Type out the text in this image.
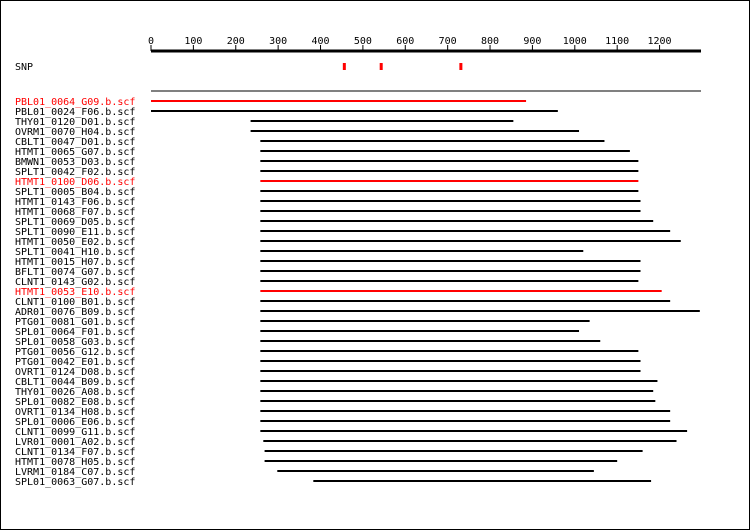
0	100 200 300 400 500 600 700 800 900 1000 1100 1200
SNP
PBL01_0064_G09.b.scf
PBL01_0024_F06.b.scf
THY01_0120_D01.b.scf
OVRM1_0070_H04.b.scf
CBLT1_0047_D01.b.scf
HTMT1_0065_G07.b.scf
BMWN1_0053_D03.b.scf
SPLT1_0042_F02.b.scf
HTMT1_0100_D06.b.scf
SPLT1_0005_B04.b.scf
HTMT1_0143_F06.b.scf
HTMT1_0068_F07.b.scf
SPLT1_0069_D05.b.scf
SPLT1_0090_E11.b.scf
HTMT1_0050_E02.b.scf
SPLT1_0041_H10.b.scf
HTMT1_0015_H07.b.scf
BFLT1_0074_G07.b.scf
CLNT1_0143_G02.b.scf
HTMT1_0053_E10.b.scf
CLNT1_0100_B01.b.scf
ADR01_0076_B09.b.scf
PTG01_0081_G01.b.scf
SPL01_0064_F01.b.scf
SPL01_0058_G03.b.scf
PTG01_0056_G12.b.scf
PTG01_0042_E01.b.scf
OVRT1_0124_D08.b.scf
CBLT1_0044_B09.b.scf
THY01_0026_A08.b.scf
SPL01_0082_E08.b.scf
OVRT1_0134_H08.b.scf
SPL01_0006_E06.b.scf
CLNT1_0099_G11.b.scf
LVR01_0001_A02.b.scf
CLNT1_0134_F07.b.scf
HTMT1_0078_H05.b.scf
LVRM1_0184_C07.b.scf
SPL01_0063_G07.b.scf
